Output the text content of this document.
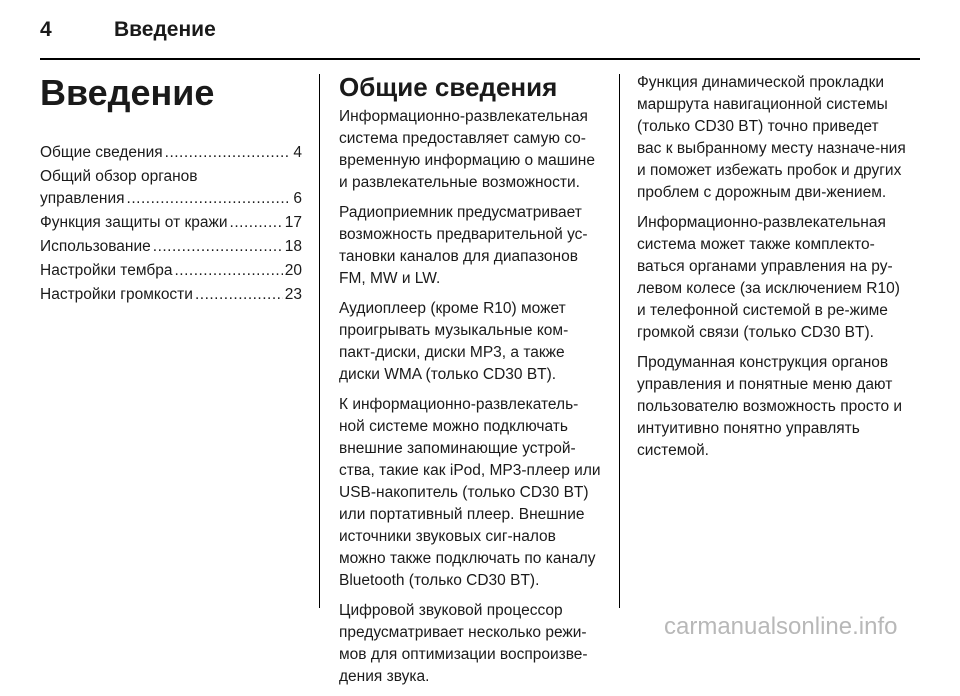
4	Введение
Введение
Общие сведения .....	4
Общий обзор органов
управления .....	6
Функция защиты от кражи .....	17
Использование .....	18
Настройки тембра .....	20
Настройки громкости .....	23
Общие сведения

Информационно-развлекательная система предоставляет самую со-временную информацию о машине и развлекательные возможности.

Радиоприемник предусматривает возможность предварительной ус-тановки каналов для диапазонов FM, MW и LW.

Аудиоплеер (кроме R10) может проигрывать музыкальные ком-пакт-диски, диски MP3, а также диски WMA (только CD30 BT).

К информационно-развлекатель-ной системе можно подключать внешние запоминающие устрой-ства, такие как iPod, MP3-плеер или USB-накопитель (только CD30 BT) или портативный плеер. Внешние источники звуковых сиг-налов можно также подключать по каналу Bluetooth (только CD30 BT).

Цифровой звуковой процессор предусматривает несколько режи-мов для оптимизации воспроизве-дения звука.

Функция динамической прокладки маршрута навигационной системы (только CD30 BT) точно приведет вас к выбранному месту назначе-ния и поможет избежать пробок и других проблем с дорожным дви-жением.

Информационно-развлекательная система может также комплекто-ваться органами управления на ру-левом колесе (за исключением R10) и телефонной системой в ре-жиме громкой связи (только CD30 BT).

Продуманная конструкция органов управления и понятные меню дают пользователю возможность просто и интуитивно понятно управлять системой.

carmanualsonline.info
